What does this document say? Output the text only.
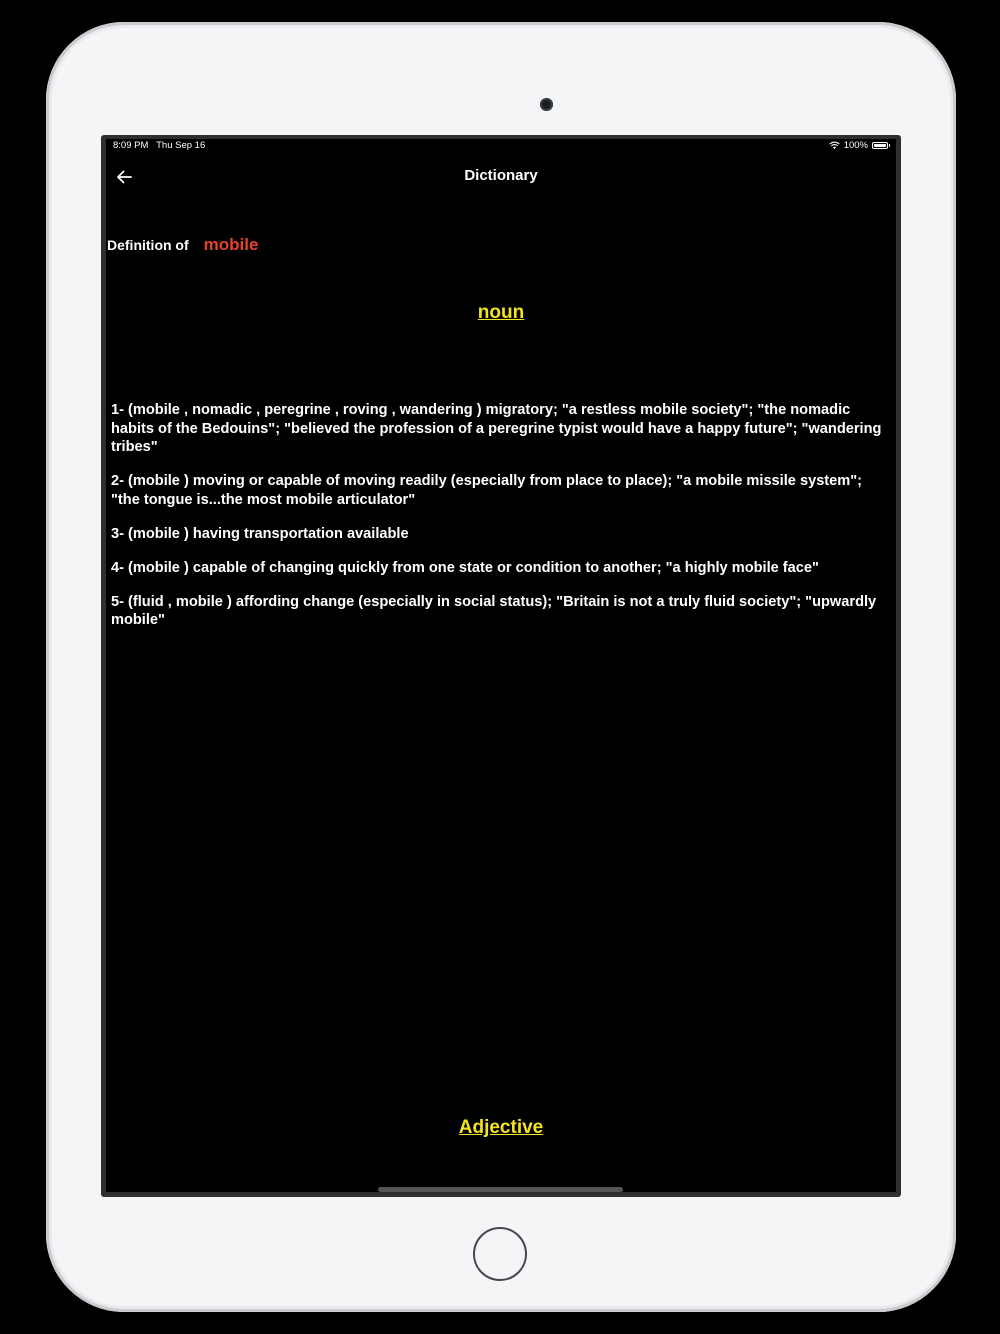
8:09 PM   Thu Sep 16	100%
Dictionary
Definition of mobile
noun

1- (mobile , nomadic , peregrine , roving , wandering ) migratory; "a restless mobile society"; "the nomadic habits of the Bedouins"; "believed the profession of a peregrine typist would have a happy future"; "wandering tribes"

2- (mobile ) moving or capable of moving readily (especially from place to place); "a mobile missile system"; "the tongue is...the most mobile articulator"

3- (mobile ) having transportation available

4- (mobile ) capable of changing quickly from one state or condition to another; "a highly mobile face"

5- (fluid , mobile ) affording change (especially in social status); "Britain is not a truly fluid society"; "upwardly mobile"

Adjective
